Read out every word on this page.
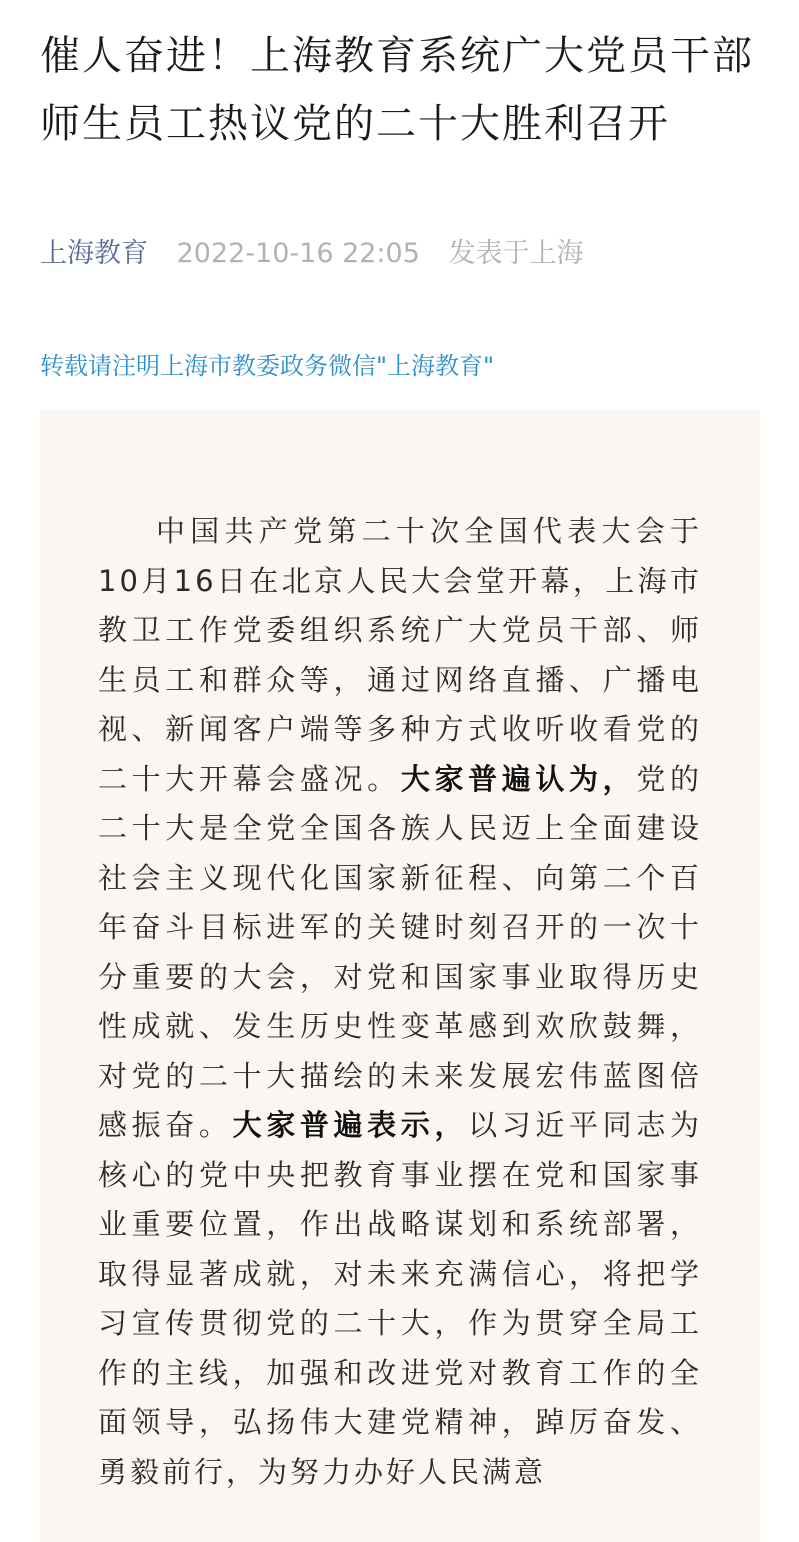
催人奋进！上海教育系统广大党员干部师生员工热议党的二十大胜利召开
上海教育 2022-10-16 22:05 发表于上海

转载请注明上海市教委政务微信"上海教育"

中国共产党第二十次全国代表大会于10月16日在北京人民大会堂开幕，上海市教卫工作党委组织系统广大党员干部、师生员工和群众等，通过网络直播、广播电视、新闻客户端等多种方式收听收看党的二十大开幕会盛况。大家普遍认为，党的二十大是全党全国各族人民迈上全面建设社会主义现代化国家新征程、向第二个百年奋斗目标进军的关键时刻召开的一次十分重要的大会，对党和国家事业取得历史性成就、发生历史性变革感到欢欣鼓舞，对党的二十大描绘的未来发展宏伟蓝图倍感振奋。大家普遍表示，以习近平同志为核心的党中央把教育事业摆在党和国家事业重要位置，作出战略谋划和系统部署，取得显著成就，对未来充满信心，将把学习宣传贯彻党的二十大，作为贯穿全局工作的主线，加强和改进党对教育工作的全面领导，弘扬伟大建党精神，踔厉奋发、勇毅前行，为努力办好人民满意
